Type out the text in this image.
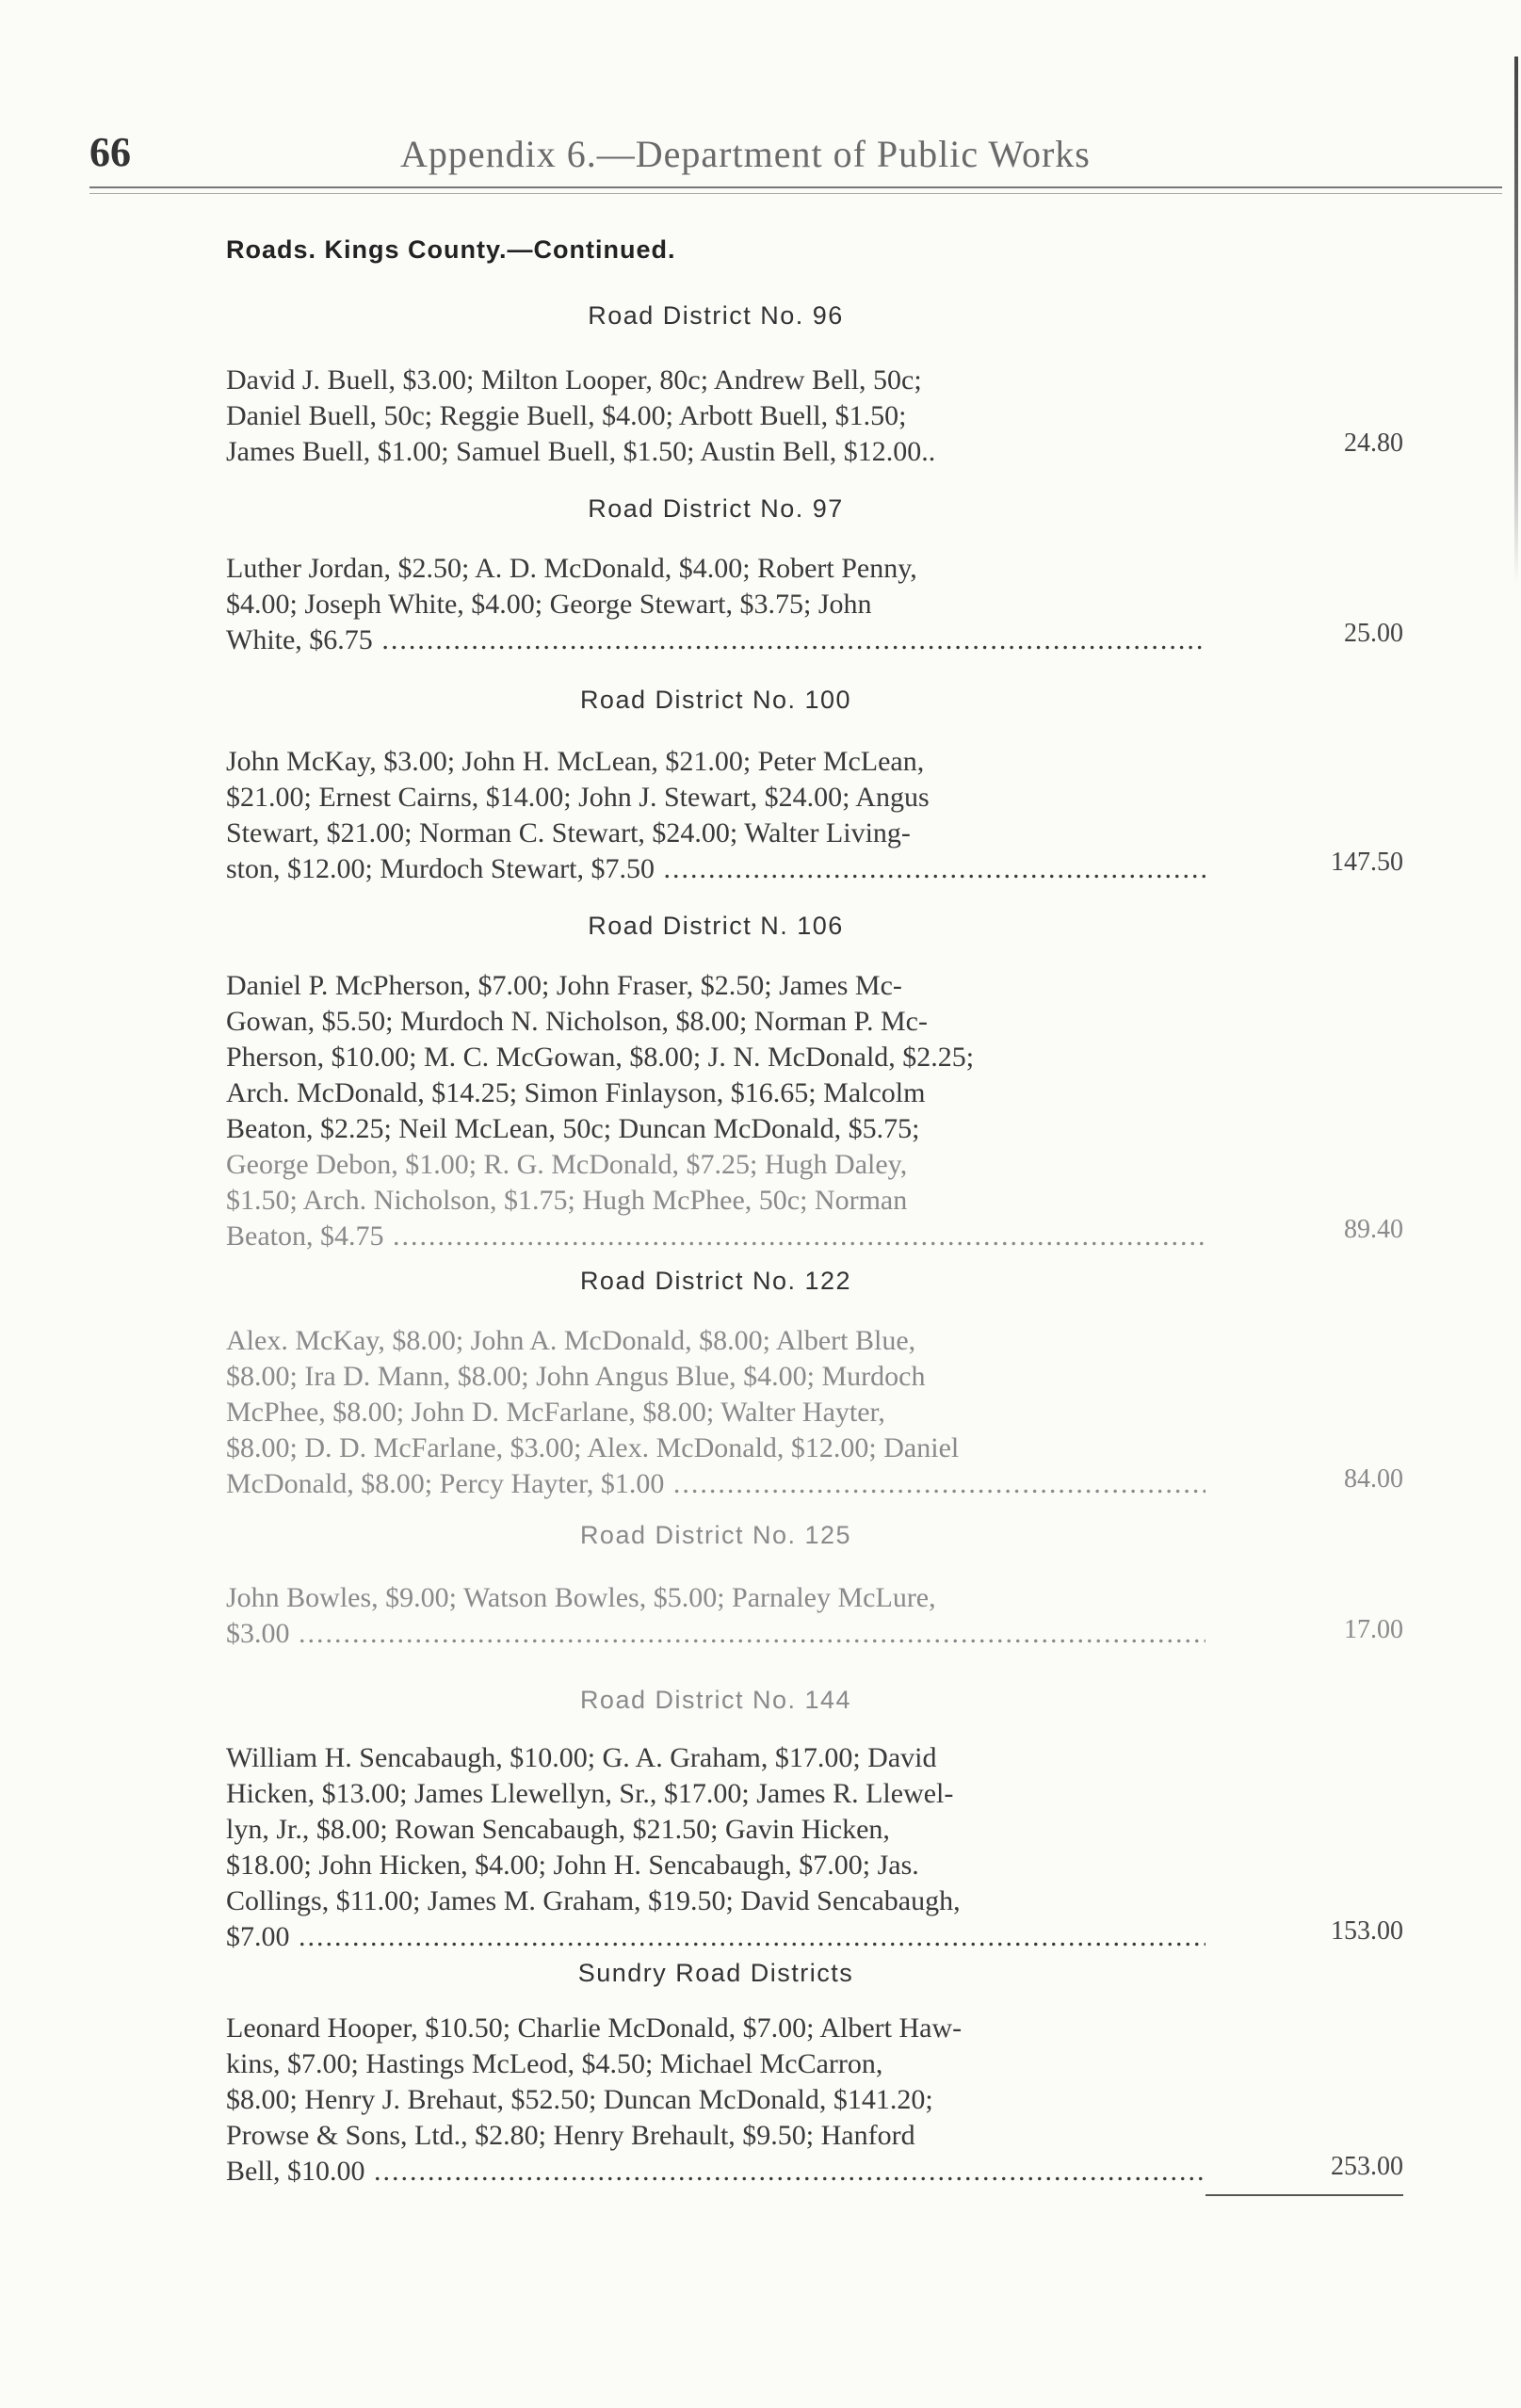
66	Appendix 6.—Department of Public Works
Roads. Kings County.—Continued.
Road District No. 96
David J. Buell, $3.00; Milton Looper, 80c; Andrew Bell, 50c;
Daniel Buell, 50c; Reggie Buell, $4.00; Arbott Buell, $1.50;
James Buell, $1.00; Samuel Buell, $1.50; Austin Bell, $12.00..	24.80
Road District No. 97
Luther Jordan, $2.50; A. D. McDonald, $4.00; Robert Penny,
$4.00; Joseph White, $4.00; George Stewart, $3.75; John
White, $6.75 .....	25.00
Road District No. 100
John McKay, $3.00; John H. McLean, $21.00; Peter McLean,
$21.00; Ernest Cairns, $14.00; John J. Stewart, $24.00; Angus
Stewart, $21.00; Norman C. Stewart, $24.00; Walter Living-
ston, $12.00; Murdoch Stewart, $7.50 .....	147.50
Road District N. 106
Daniel P. McPherson, $7.00; John Fraser, $2.50; James Mc-
Gowan, $5.50; Murdoch N. Nicholson, $8.00; Norman P. Mc-
Pherson, $10.00; M. C. McGowan, $8.00; J. N. McDonald, $2.25;
Arch. McDonald, $14.25; Simon Finlayson, $16.65; Malcolm
Beaton, $2.25; Neil McLean, 50c; Duncan McDonald, $5.75;
George Debon, $1.00; R. G. McDonald, $7.25; Hugh Daley,
$1.50; Arch. Nicholson, $1.75; Hugh McPhee, 50c; Norman
Beaton, $4.75 .....	89.40
Road District No. 122
Alex. McKay, $8.00; John A. McDonald, $8.00; Albert Blue,
$8.00; Ira D. Mann, $8.00; John Angus Blue, $4.00; Murdoch
McPhee, $8.00; John D. McFarlane, $8.00; Walter Hayter,
$8.00; D. D. McFarlane, $3.00; Alex. McDonald, $12.00; Daniel
McDonald, $8.00; Percy Hayter, $1.00 .....	84.00
Road District No. 125
John Bowles, $9.00; Watson Bowles, $5.00; Parnaley McLure,
$3.00 .....	17.00
Road District No. 144
William H. Sencabaugh, $10.00; G. A. Graham, $17.00; David
Hicken, $13.00; James Llewellyn, Sr., $17.00; James R. Llewel-
lyn, Jr., $8.00; Rowan Sencabaugh, $21.50; Gavin Hicken,
$18.00; John Hicken, $4.00; John H. Sencabaugh, $7.00; Jas.
Collings, $11.00; James M. Graham, $19.50; David Sencabaugh,
$7.00 .....	153.00
Sundry Road Districts
Leonard Hooper, $10.50; Charlie McDonald, $7.00; Albert Haw-
kins, $7.00; Hastings McLeod, $4.50; Michael McCarron,
$8.00; Henry J. Brehaut, $52.50; Duncan McDonald, $141.20;
Prowse & Sons, Ltd., $2.80; Henry Brehault, $9.50; Hanford
Bell, $10.00 .....	253.00
